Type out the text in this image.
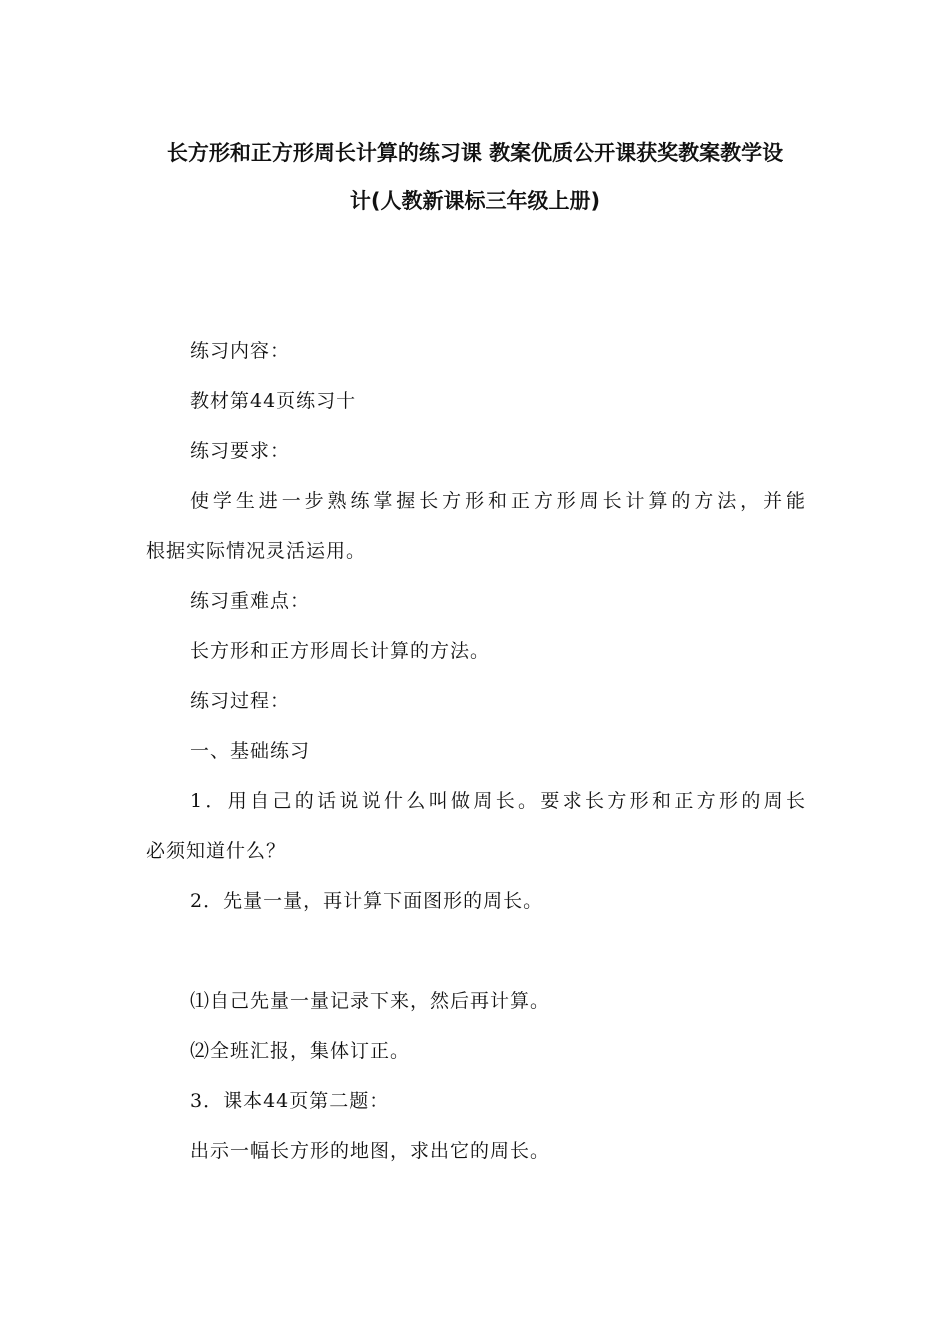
长方形和正方形周长计算的练习课 教案优质公开课获奖教案教学设
计(人教新课标三年级上册)
练习内容：
教材第44页练习十
练习要求：
使学生进一步熟练掌握长方形和正方形周长计算的方法，并能
根据实际情况灵活运用。
练习重难点：
长方形和正方形周长计算的方法。
练习过程：
一、基础练习
1．用自己的话说说什么叫做周长。要求长方形和正方形的周长
必须知道什么？
2．先量一量，再计算下面图形的周长。
⑴自己先量一量记录下来，然后再计算。
⑵全班汇报，集体订正。
3．课本44页第二题：
出示一幅长方形的地图，求出它的周长。
